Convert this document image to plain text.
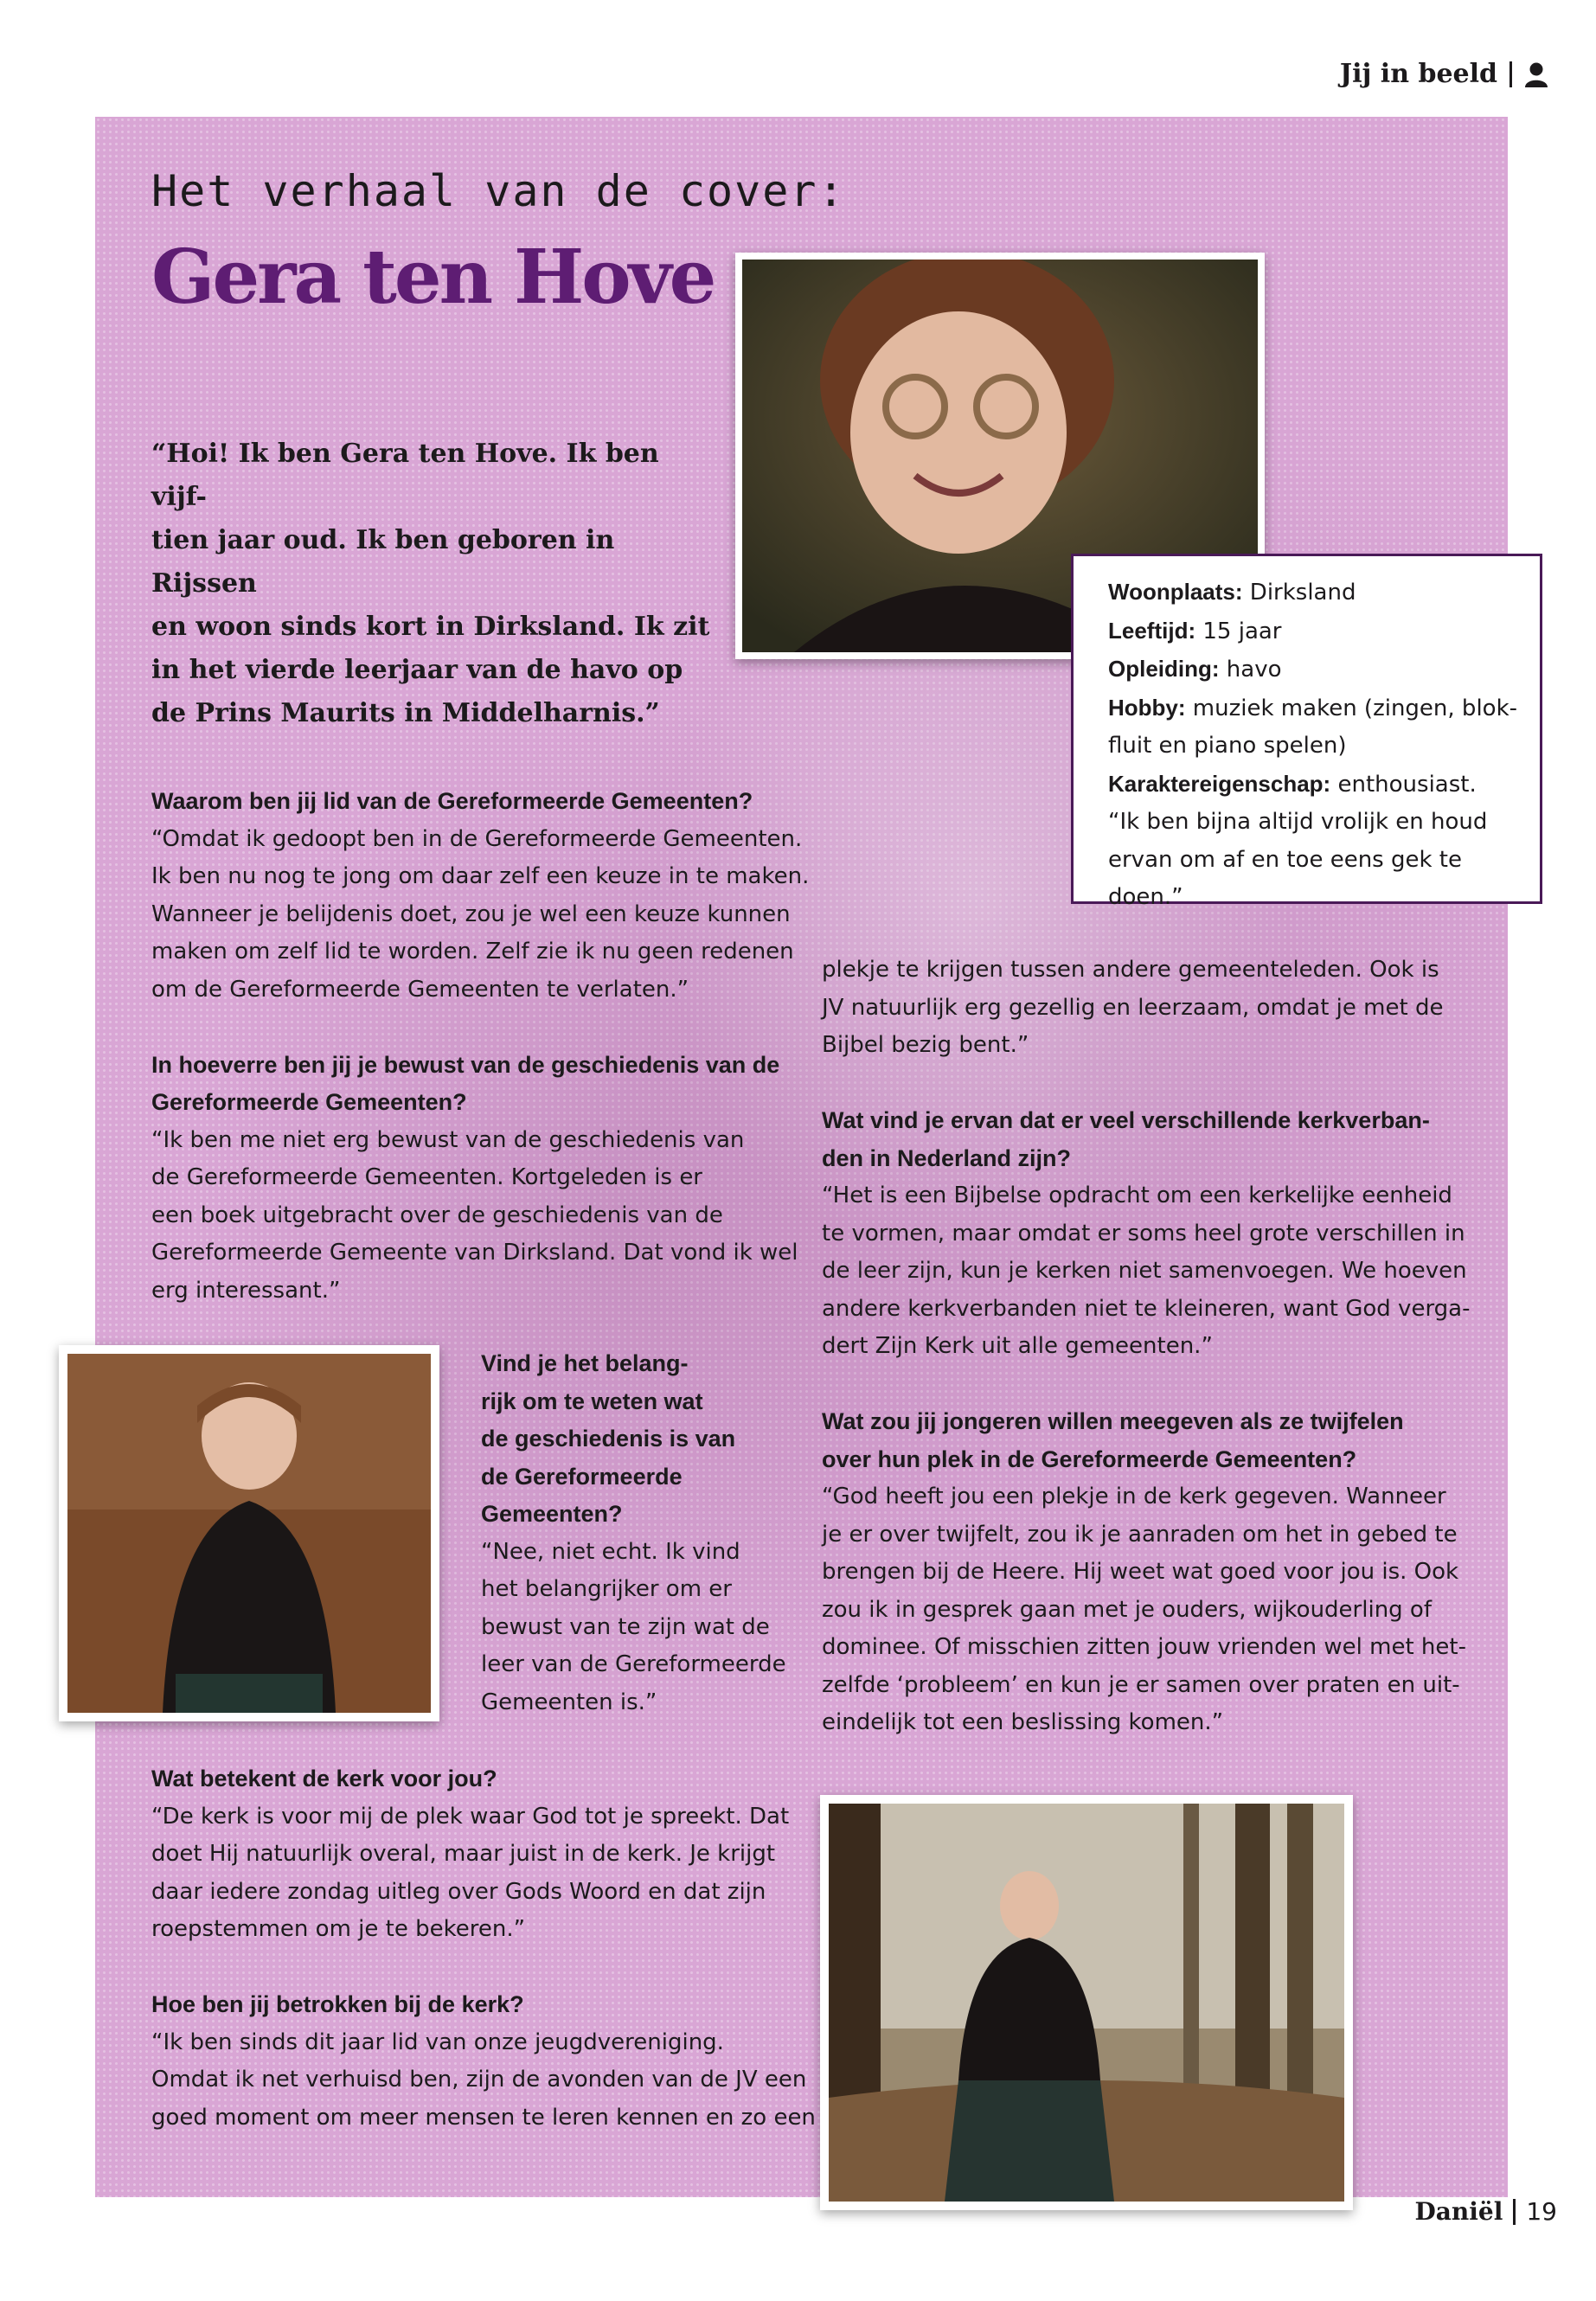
Jij in beeld
Het verhaal van de cover:
Gera ten Hove
“Hoi! Ik ben Gera ten Hove. Ik ben vijf-
tien jaar oud. Ik ben geboren in Rijssen
en woon sinds kort in Dirksland. Ik zit
in het vierde leerjaar van de havo op
de Prins Maurits in Middelharnis.”
Woonplaats: Dirksland
Leeftijd: 15 jaar
Opleiding: havo
Hobby: muziek maken (zingen, blok-
fluit en piano spelen)
Karaktereigenschap: enthousiast.
“Ik ben bijna altijd vrolijk en houd
ervan om af en toe eens gek te doen.”
Waarom ben jij lid van de Gereformeerde Gemeenten?
“Omdat ik gedoopt ben in de Gereformeerde Gemeenten.
Ik ben nu nog te jong om daar zelf een keuze in te maken.
Wanneer je belijdenis doet, zou je wel een keuze kunnen
maken om zelf lid te worden. Zelf zie ik nu geen redenen
om de Gereformeerde Gemeenten te verlaten.”
In hoeverre ben jij je bewust van de geschiedenis van de
Gereformeerde Gemeenten?
“Ik ben me niet erg bewust van de geschiedenis van
de Gereformeerde Gemeenten. Kortgeleden is er
een boek uitgebracht over de geschiedenis van de
Gereformeerde Gemeente van Dirksland. Dat vond ik wel
erg interessant.”
Vind je het belang-
rijk om te weten wat
de geschiedenis is van
de Gereformeerde
Gemeenten?
“Nee, niet echt. Ik vind
het belangrijker om er
bewust van te zijn wat de
leer van de Gereformeerde
Gemeenten is.”
Wat betekent de kerk voor jou?
“De kerk is voor mij de plek waar God tot je spreekt. Dat
doet Hij natuurlijk overal, maar juist in de kerk. Je krijgt
daar iedere zondag uitleg over Gods Woord en dat zijn
roepstemmen om je te bekeren.”
Hoe ben jij betrokken bij de kerk?
“Ik ben sinds dit jaar lid van onze jeugdvereniging.
Omdat ik net verhuisd ben, zijn de avonden van de JV een
goed moment om meer mensen te leren kennen en zo een
plekje te krijgen tussen andere gemeenteleden. Ook is
JV natuurlijk erg gezellig en leerzaam, omdat je met de
Bijbel bezig bent.”
Wat vind je ervan dat er veel verschillende kerkverban-
den in Nederland zijn?
“Het is een Bijbelse opdracht om een kerkelijke eenheid
te vormen, maar omdat er soms heel grote verschillen in
de leer zijn, kun je kerken niet samenvoegen. We hoeven
andere kerkverbanden niet te kleineren, want God verga-
dert Zijn Kerk uit alle gemeenten.”
Wat zou jij jongeren willen meegeven als ze twijfelen
over hun plek in de Gereformeerde Gemeenten?
“God heeft jou een plekje in de kerk gegeven. Wanneer
je er over twijfelt, zou ik je aanraden om het in gebed te
brengen bij de Heere. Hij weet wat goed voor jou is. Ook
zou ik in gesprek gaan met je ouders, wijkouderling of
dominee. Of misschien zitten jouw vrienden wel met het-
zelfde ‘probleem’ en kun je er samen over praten en uit-
eindelijk tot een beslissing komen.”
Daniël 19
